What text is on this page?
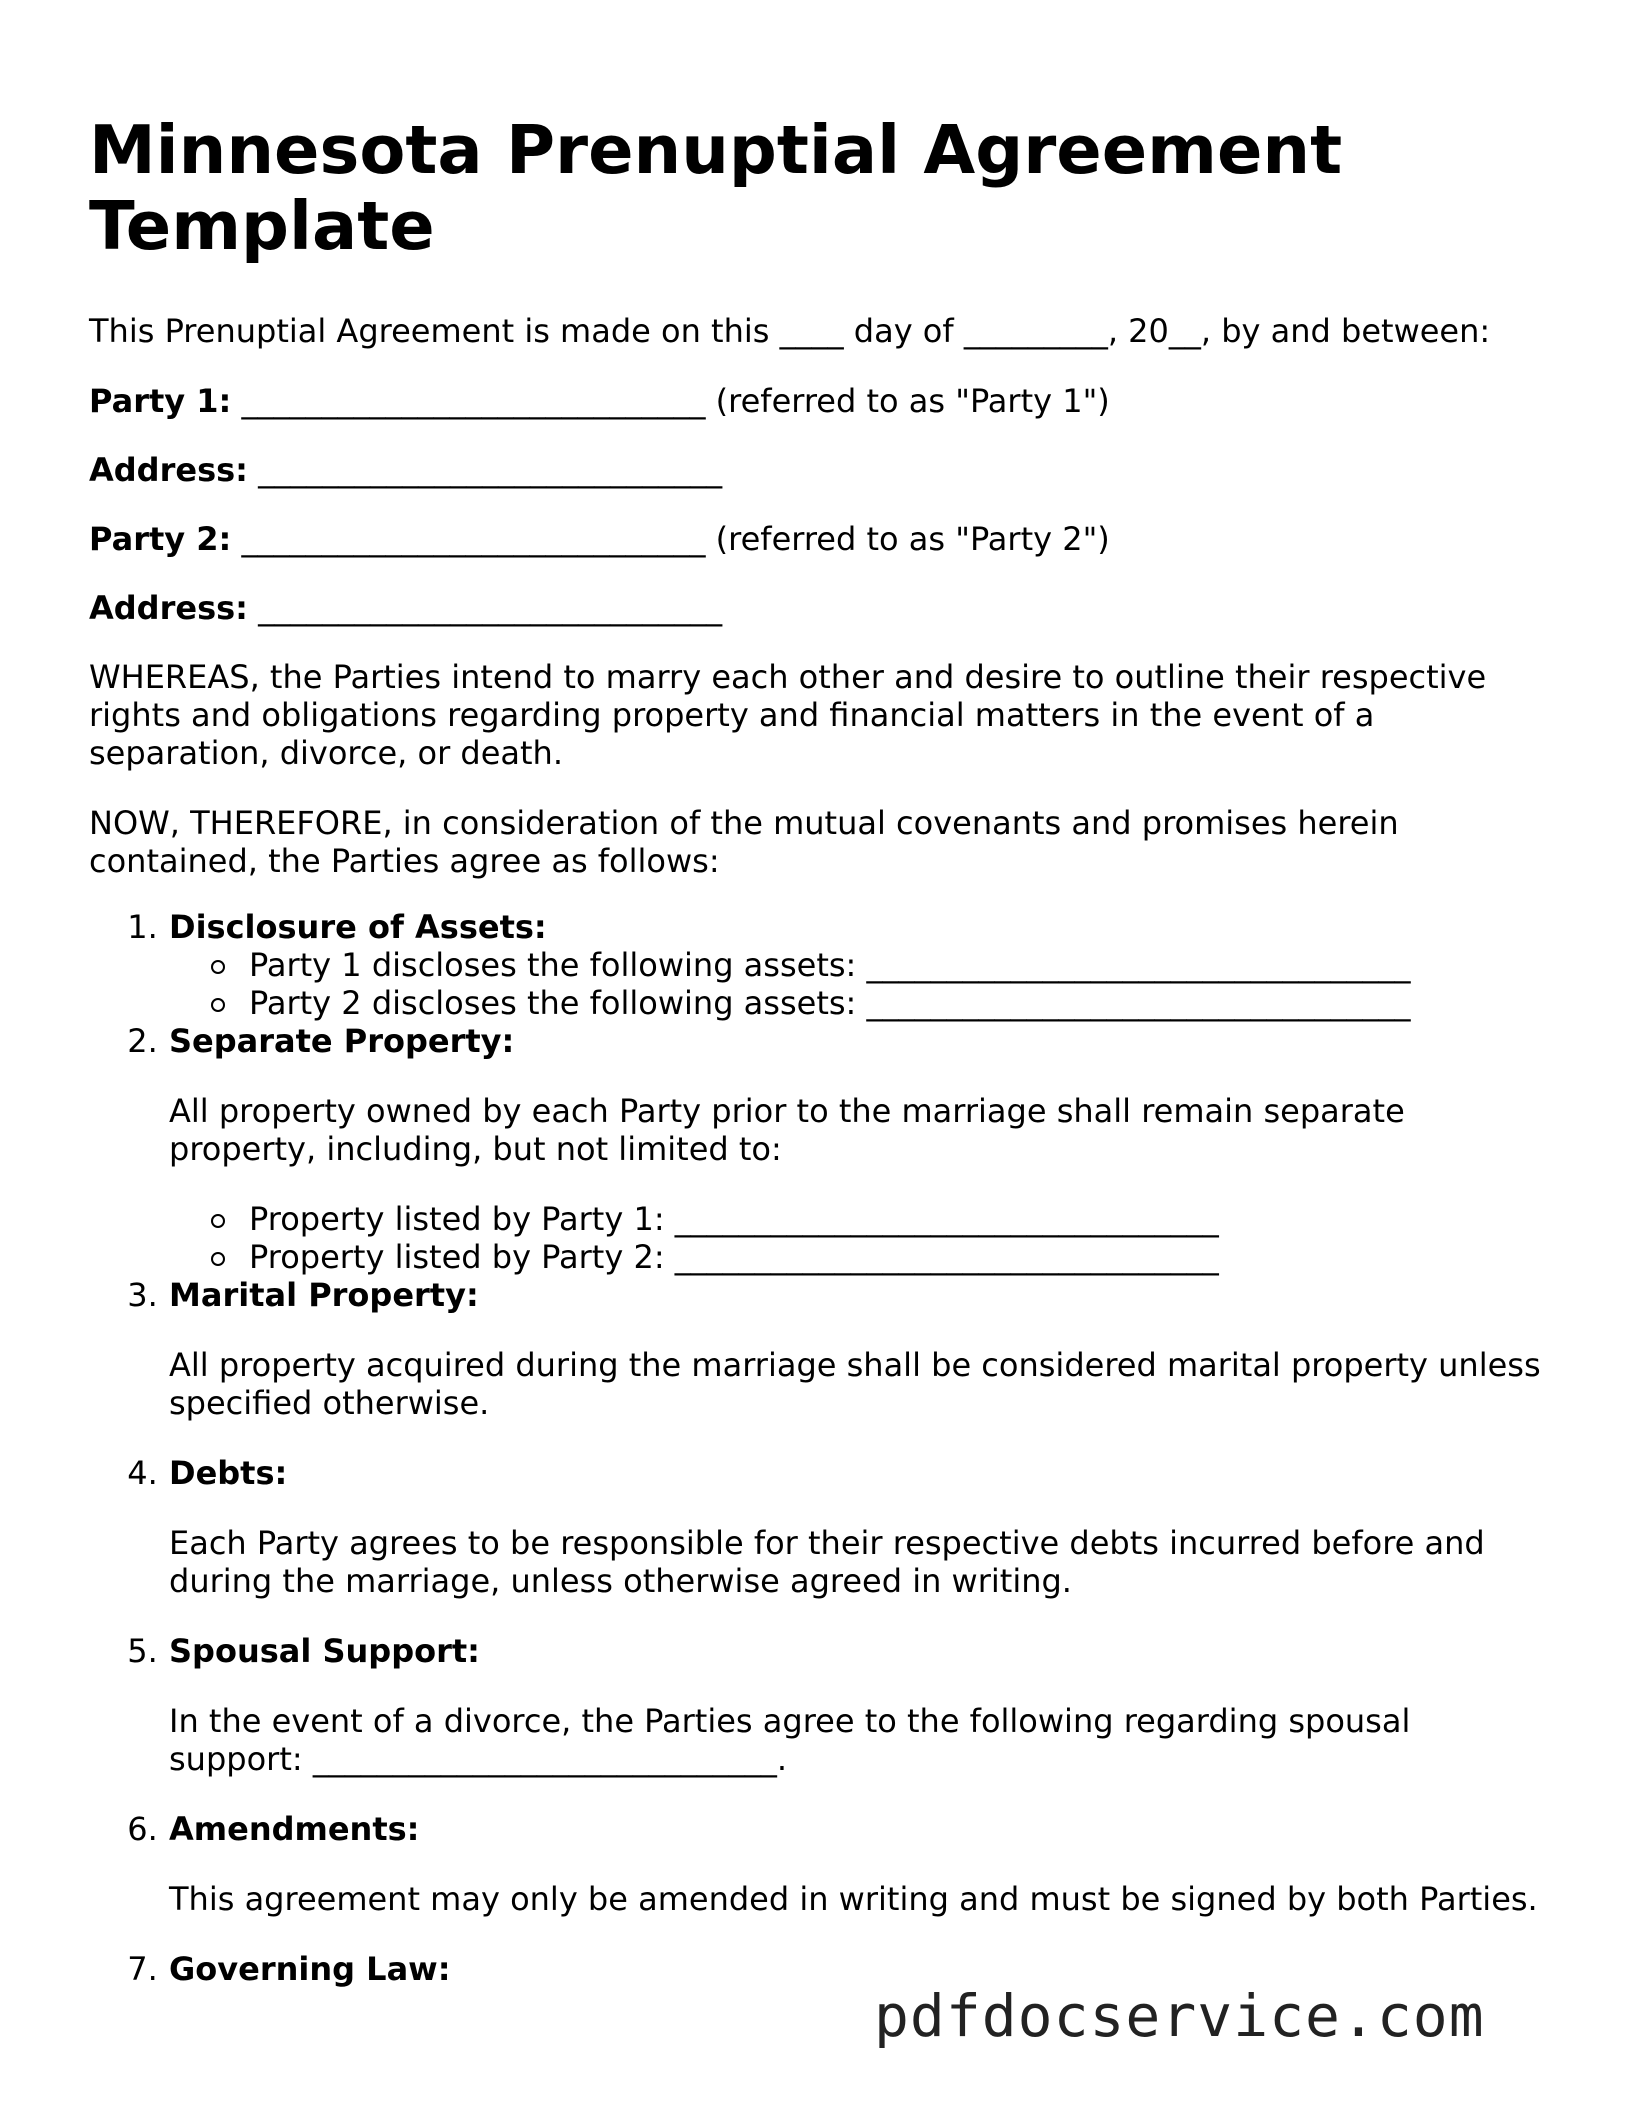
Minnesota Prenuptial Agreement Template

This Prenuptial Agreement is made on this ____ day of _________, 20__, by and between:

Party 1: _____________________________ (referred to as "Party 1")
Address: _____________________________
Party 2: _____________________________ (referred to as "Party 2")
Address: _____________________________

WHEREAS, the Parties intend to marry each other and desire to outline their respective rights and obligations regarding property and financial matters in the event of a separation, divorce, or death.

NOW, THEREFORE, in consideration of the mutual covenants and promises herein contained, the Parties agree as follows:

1. Disclosure of Assets:
Party 1 discloses the following assets: __________________________________
Party 2 discloses the following assets: __________________________________
2. Separate Property:
All property owned by each Party prior to the marriage shall remain separate property, including, but not limited to:
Property listed by Party 1: __________________________________
Property listed by Party 2: __________________________________
3. Marital Property:
All property acquired during the marriage shall be considered marital property unless specified otherwise.
4. Debts:
Each Party agrees to be responsible for their respective debts incurred before and during the marriage, unless otherwise agreed in writing.
5. Spousal Support:
In the event of a divorce, the Parties agree to the following regarding spousal support: _____________________________.
6. Amendments:
This agreement may only be amended in writing and must be signed by both Parties.
7. Governing Law:
pdfdocservice.com
